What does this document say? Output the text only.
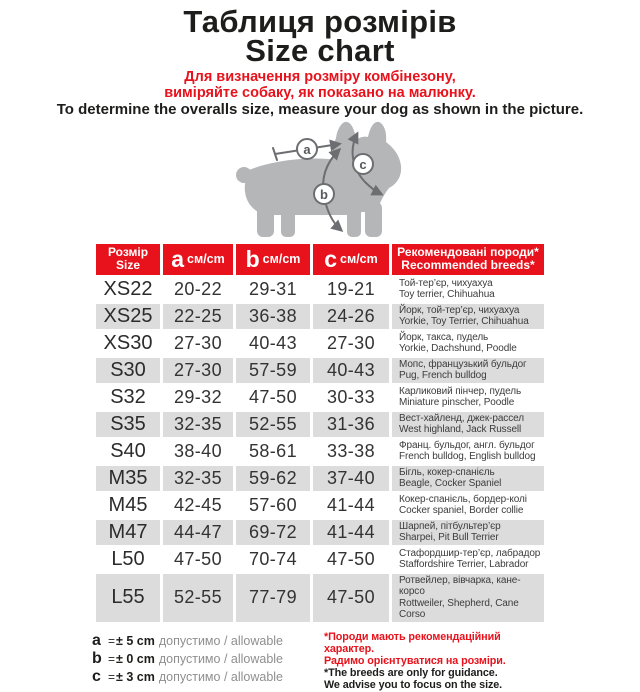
Таблиця розмірів
Size chart
Для визначення розміру комбінезону,
виміряйте собаку, як показано на малюнку.
To determine the overalls size, measure your dog as shown in the picture.
a
b
c
Розмір
Size	a см/cm	b см/cm	c см/cm	
Рекомендовані породи*
Recommended breeds*

XS22	20-22	29-31	19-21	Той-тер’єр, чихуахуа
Toy terrier, Chihuahua

XS25	22-25	36-38	24-26	Йорк, той-тер’єр, чихуахуа
Yorkie, Toy Terrier, Chihuahua

XS30	27-30	40-43	27-30	Йорк, такса, пудель
Yorkie, Dachshund, Poodle

S30	27-30	57-59	40-43	Мопс, французький бульдог
Pug, French bulldog

S32	29-32	47-50	30-33	Карликовий пінчер, пудель
Miniature pinscher, Poodle

S35	32-35	52-55	31-36	Вест-хайленд, джек-рассел
West highland, Jack Russell

S40	38-40	58-61	33-38	Франц. бульдог, англ. бульдог
French bulldog, English bulldog

M35	32-35	59-62	37-40	Бігль, кокер-спанієль
Beagle, Cocker Spaniel

M45	42-45	57-60	41-44	Кокер-спанієль, бордер-колі
Cocker spaniel, Border collie

M47	44-47	69-72	41-44	Шарпей, пітбультер’єр
Sharpei, Pit Bull Terrier

L50	47-50	70-74	47-50	Стафордшир-тер’єр, лабрадор
Staffordshire Terrier, Labrador

L55	52-55	77-79	47-50	Ротвейлер, вівчарка, кане-корсо
Rottweiler, Shepherd, Cane Corso
a =± 5 cm допустимо / allowable
b =± 0 cm допустимо / allowable
c =± 3 cm допустимо / allowable
*Породи мають рекомендаційний характер.
Радимо орієнтуватися на розміри.
*The breeds are only for guidance.
We advise you to focus on the size.
